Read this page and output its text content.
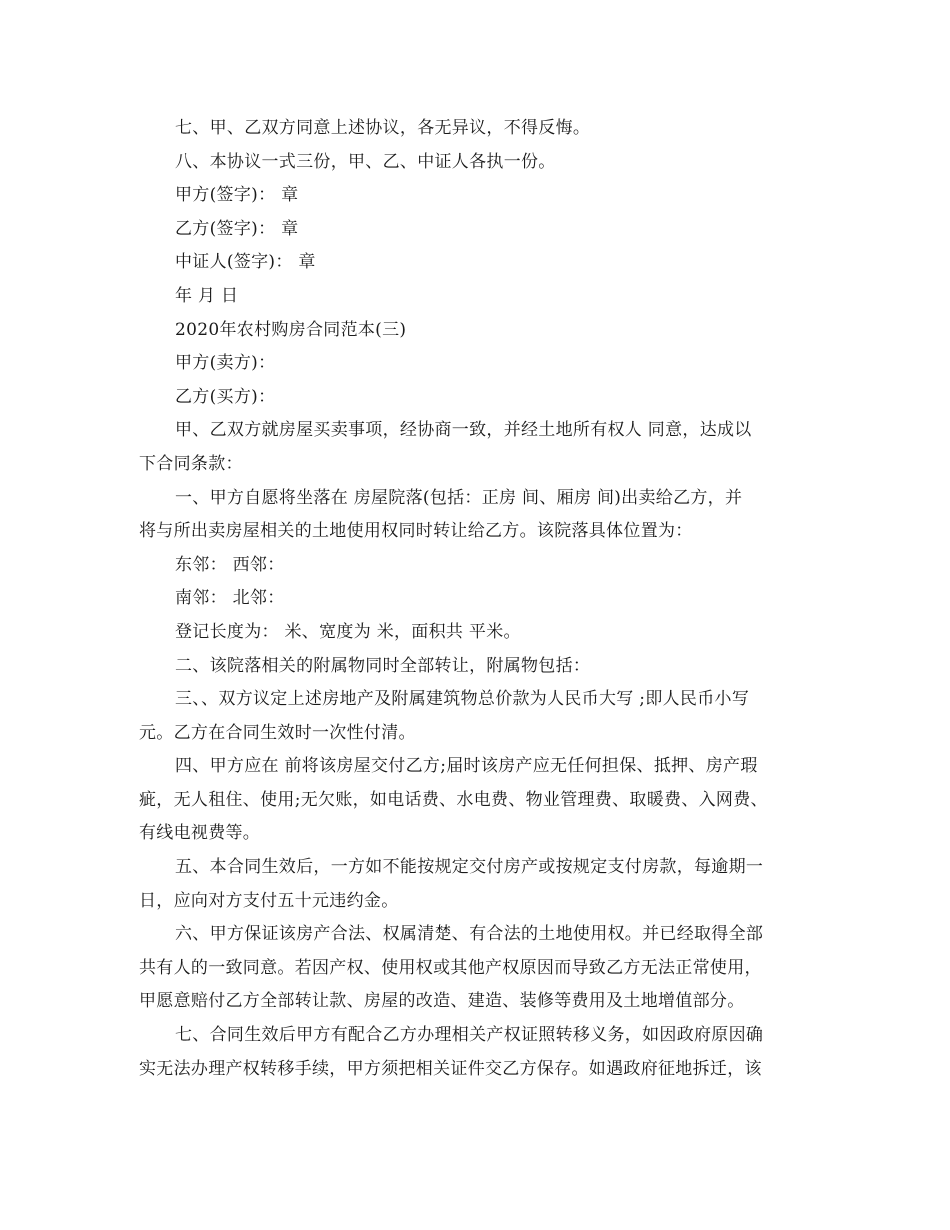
七、甲、乙双方同意上述协议，各无异议，不得反悔。
八、本协议一式三份，甲、乙、中证人各执一份。
甲方(签字)： 章
乙方(签字)： 章
中证人(签字)： 章
年 月 日
2020年农村购房合同范本(三)
甲方(卖方)：
乙方(买方)：
甲、乙双方就房屋买卖事项，经协商一致，并经土地所有权人 同意，达成以
下合同条款：
一、甲方自愿将坐落在 房屋院落(包括：正房 间、厢房 间)出卖给乙方，并
将与所出卖房屋相关的土地使用权同时转让给乙方。该院落具体位置为：
东邻： 西邻：
南邻： 北邻：
登记长度为： 米、宽度为 米，面积共 平米。
二、该院落相关的附属物同时全部转让，附属物包括：
三、、双方议定上述房地产及附属建筑物总价款为人民币大写 ;即人民币小写
元。乙方在合同生效时一次性付清。
四、甲方应在 前将该房屋交付乙方;届时该房产应无任何担保、抵押、房产瑕
疵，无人租住、使用;无欠账，如电话费、水电费、物业管理费、取暖费、入网费、
有线电视费等。
五、本合同生效后，一方如不能按规定交付房产或按规定支付房款，每逾期一
日，应向对方支付五十元违约金。
六、甲方保证该房产合法、权属清楚、有合法的土地使用权。并已经取得全部
共有人的一致同意。若因产权、使用权或其他产权原因而导致乙方无法正常使用，
甲愿意赔付乙方全部转让款、房屋的改造、建造、装修等费用及土地增值部分。
七、合同生效后甲方有配合乙方办理相关产权证照转移义务，如因政府原因确
实无法办理产权转移手续，甲方须把相关证件交乙方保存。如遇政府征地拆迁，该
